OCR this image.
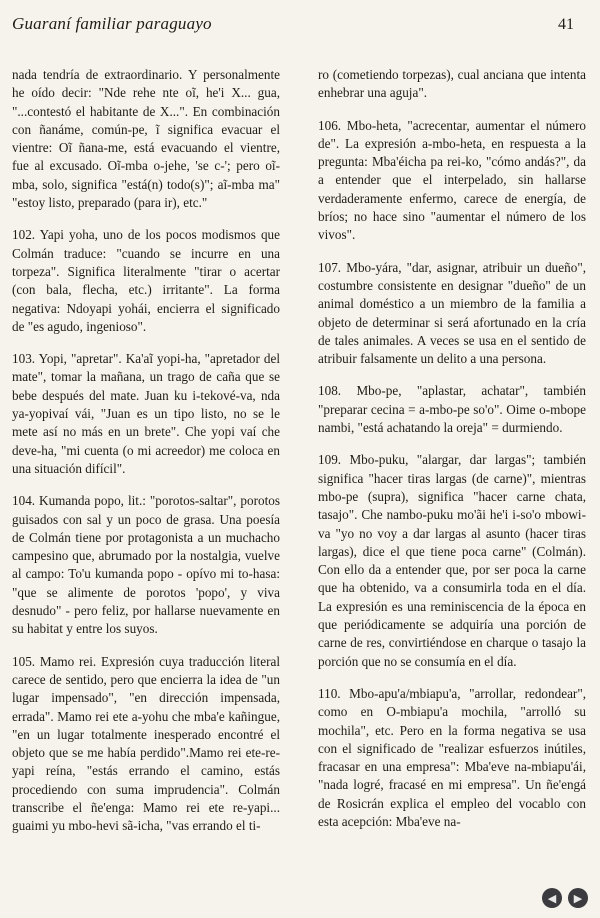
Guaraní familiar paraguayo	41

nada tendría de extraordinario. Y personalmente he oído decir: "Nde rehe nte oĩ, he'i X... gua, "...contestó el habitante de X...". En combinación con ñanáme, común-pe, ĩ significa evacuar el vientre: Oĩ ñana-me, está evacuando el vientre, fue al excusado. Oĩ-mba o-jehe, 'se c-'; pero oĩ-mba, solo, significa "está(n) todo(s)"; aĩ-mba ma" "estoy listo, preparado (para ir), etc."

102. Yapi yoha, uno de los pocos modismos que Colmán traduce: "cuando se incurre en una torpeza". Significa literalmente "tirar o acertar (con bala, flecha, etc.) irritante". La forma negativa: Ndoyapi yohái, encierra el significado de "es agudo, ingenioso".

103. Yopi, "apretar". Ka'aĩ yopi-ha, "apretador del mate", tomar la mañana, un trago de caña que se bebe después del mate. Juan ku i-tekové-va, nda ya-yopivaí vái, "Juan es un tipo listo, no se le mete así no más en un brete". Che yopi vaí che deve-ha, "mi cuenta (o mi acreedor) me coloca en una situación difícil".

104. Kumanda popo, lit.: "porotos-saltar", porotos guisados con sal y un poco de grasa. Una poesía de Colmán tiene por protagonista a un muchacho campesino que, abrumado por la nostalgia, vuelve al campo: To'u kumanda popo - opívo mi to-hasa: "que se alimente de porotos 'popo', y viva desnudo" - pero feliz, por hallarse nuevamente en su habitat y entre los suyos.

105. Mamo rei. Expresión cuya traducción literal carece de sentido, pero que encierra la idea de "un lugar impensado", "en dirección impensada, errada". Mamo rei ete a-yohu che mba'e kañingue, "en un lugar totalmente inesperado encontré el objeto que se me había perdido".Mamo rei ete-re-yapi reína, "estás errando el camino, estás procediendo con suma imprudencia". Colmán transcribe el ñe'enga: Mamo rei ete re-yapi... guaimi yu mbo-hevi sã-icha, "vas errando el ti-

ro (cometiendo torpezas), cual anciana que intenta enhebrar una aguja".

106. Mbo-heta, "acrecentar, aumentar el número de". La expresión a-mbo-heta, en respuesta a la pregunta: Mba'éicha pa rei-ko, "cómo andás?", da a entender que el interpelado, sin hallarse verdaderamente enfermo, carece de energía, de bríos; no hace sino "aumentar el número de los vivos".

107. Mbo-yára, "dar, asignar, atribuir un dueño", costumbre consistente en designar "dueño" de un animal doméstico a un miembro de la familia a objeto de determinar si será afortunado en la cría de tales animales. A veces se usa en el sentido de atribuir falsamente un delito a una persona.

108. Mbo-pe, "aplastar, achatar", también "preparar cecina = a-mbo-pe so'o". Oime o-mbope nambi, "está achatando la oreja" = durmiendo.

109. Mbo-puku, "alargar, dar largas"; también significa "hacer tiras largas (de carne)", mientras mbo-pe (supra), significa "hacer carne chata, tasajo". Che nambo-puku mo'ãi he'i i-so'o mbowi-va "yo no voy a dar largas al asunto (hacer tiras largas), dice el que tiene poca carne" (Colmán). Con ello da a entender que, por ser poca la carne que ha obtenido, va a consumirla toda en el día. La expresión es una reminiscencia de la época en que periódicamente se adquiría una porción de carne de res, convirtiéndose en charque o tasajo la porción que no se consumía en el día.

110. Mbo-apu'a/mbiapu'a, "arrollar, redondear", como en O-mbiapu'a mochila, "arrolló su mochila", etc. Pero en la forma negativa se usa con el significado de "realizar esfuerzos inútiles, fracasar en una empresa": Mba'eve na-mbiapu'ái, "nada logré, fracasé en mi empresa". Un ñe'engá de Rosicrán explica el empleo del vocablo con esta acepción: Mba'eve na-

◀ ▶
